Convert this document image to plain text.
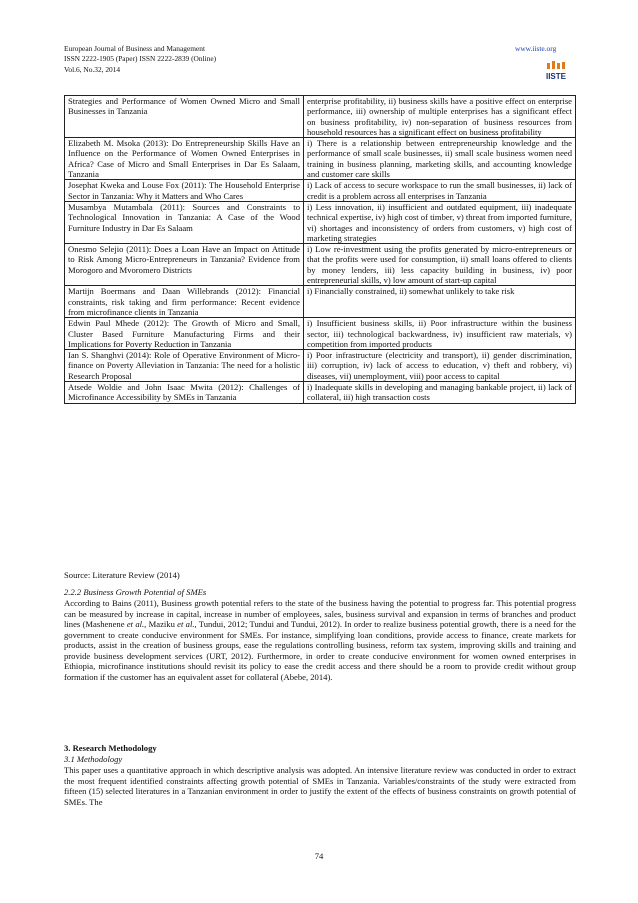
European Journal of Business and Management
ISSN 2222-1905 (Paper) ISSN 2222-2839 (Online)
Vol.6, No.32, 2014
www.iiste.org
IISTE
Strategies and Performance of Women Owned Micro and Small Businesses in Tanzania	enterprise profitability, ii) business skills have a positive effect on enterprise performance, iii) ownership of multiple enterprises has a significant effect on business profitability, iv) non-separation of business resources from household resources has a significant effect on business profitability
Elizabeth M. Msoka (2013): Do Entrepreneurship Skills Have an Influence on the Performance of Women Owned Enterprises in Africa? Case of Micro and Small Enterprises in Dar Es Salaam, Tanzania	i) There is a relationship between entrepreneurship knowledge and the performance of small scale businesses, ii) small scale business women need training in business planning, marketing skills, and accounting knowledge and customer care skills
Josephat Kweka and Louse Fox (2011): The Household Enterprise Sector in Tanzania: Why it Matters and Who Cares	i) Lack of access to secure workspace to run the small businesses, ii) lack of credit is a problem across all enterprises in Tanzania
Musambya Mutambala (2011): Sources and Constraints to Technological Innovation in Tanzania: A Case of the Wood Furniture Industry in Dar Es Salaam	i) Less innovation, ii) insufficient and outdated equipment, iii) inadequate technical expertise, iv) high cost of timber, v) threat from imported furniture, vi) shortages and inconsistency of orders from customers, v) high cost of marketing strategies
Onesmo Selejio (2011): Does a Loan Have an Impact on Attitude to Risk Among Micro-Entrepreneurs in Tanzania? Evidence from Morogoro and Mvoromero Districts	i) Low re-investment using the profits generated by micro-entrepreneurs or that the profits were used for consumption, ii) small loans offered to clients by money lenders, iii) less capacity building in business, iv) poor entrepreneurial skills, v) low amount of start-up capital
Martijn Boermans and Daan Willebrands (2012): Financial constraints, risk taking and firm performance: Recent evidence from microfinance clients in Tanzania	i) Financially constrained, ii) somewhat unlikely to take risk
Edwin Paul Mhede (2012): The Growth of Micro and Small, Cluster Based Furniture Manufacturing Firms and their Implications for Poverty Reduction in Tanzania	i) Insufficient business skills, ii) Poor infrastructure within the business sector, iii) technological backwardness, iv) insufficient raw materials, v) competition from imported products
Ian S. Shanghvi (2014): Role of Operative Environment of Micro-finance on Poverty Alleviation in Tanzania: The need for a holistic Research Proposal	i) Poor infrastructure (electricity and transport), ii) gender discrimination, iii) corruption, iv) lack of access to education, v) theft and robbery, vi) diseases, vii) unemployment, viii) poor access to capital
Atsede Woldie and John Isaac Mwita (2012): Challenges of Microfinance Accessibility by SMEs in Tanzania	i) Inadequate skills in developing and managing bankable project, ii) lack of collateral, iii) high transaction costs
Source: Literature Review (2014)
2.2.2 Business Growth Potential of SMEs
According to Bains (2011), Business growth potential refers to the state of the business having the potential to progress far. This potential progress can be measured by increase in capital, increase in number of employees, sales, business survival and expansion in terms of branches and product lines (Mashenene et al., Maziku et al., Tundui, 2012; Tundui and Tundui, 2012). In order to realize business potential growth, there is a need for the government to create conducive environment for SMEs. For instance, simplifying loan conditions, provide access to finance, create markets for products, assist in the creation of business groups, ease the regulations controlling business, reform tax system, improving skills and training and provide business development services (URT, 2012). Furthermore, in order to create conducive environment for women owned enterprises in Ethiopia, microfinance institutions should revisit its policy to ease the credit access and there should be a room to provide credit without group formation if the customer has an equivalent asset for collateral (Abebe, 2014).
3. Research Methodology
3.1 Methodology
This paper uses a quantitative approach in which descriptive analysis was adopted. An intensive literature review was conducted in order to extract the most frequent identified constraints affecting growth potential of SMEs in Tanzania. Variables/constraints of the study were extracted from fifteen (15) selected literatures in a Tanzanian environment in order to justify the extent of the effects of business constraints on growth potential of SMEs. The
74
